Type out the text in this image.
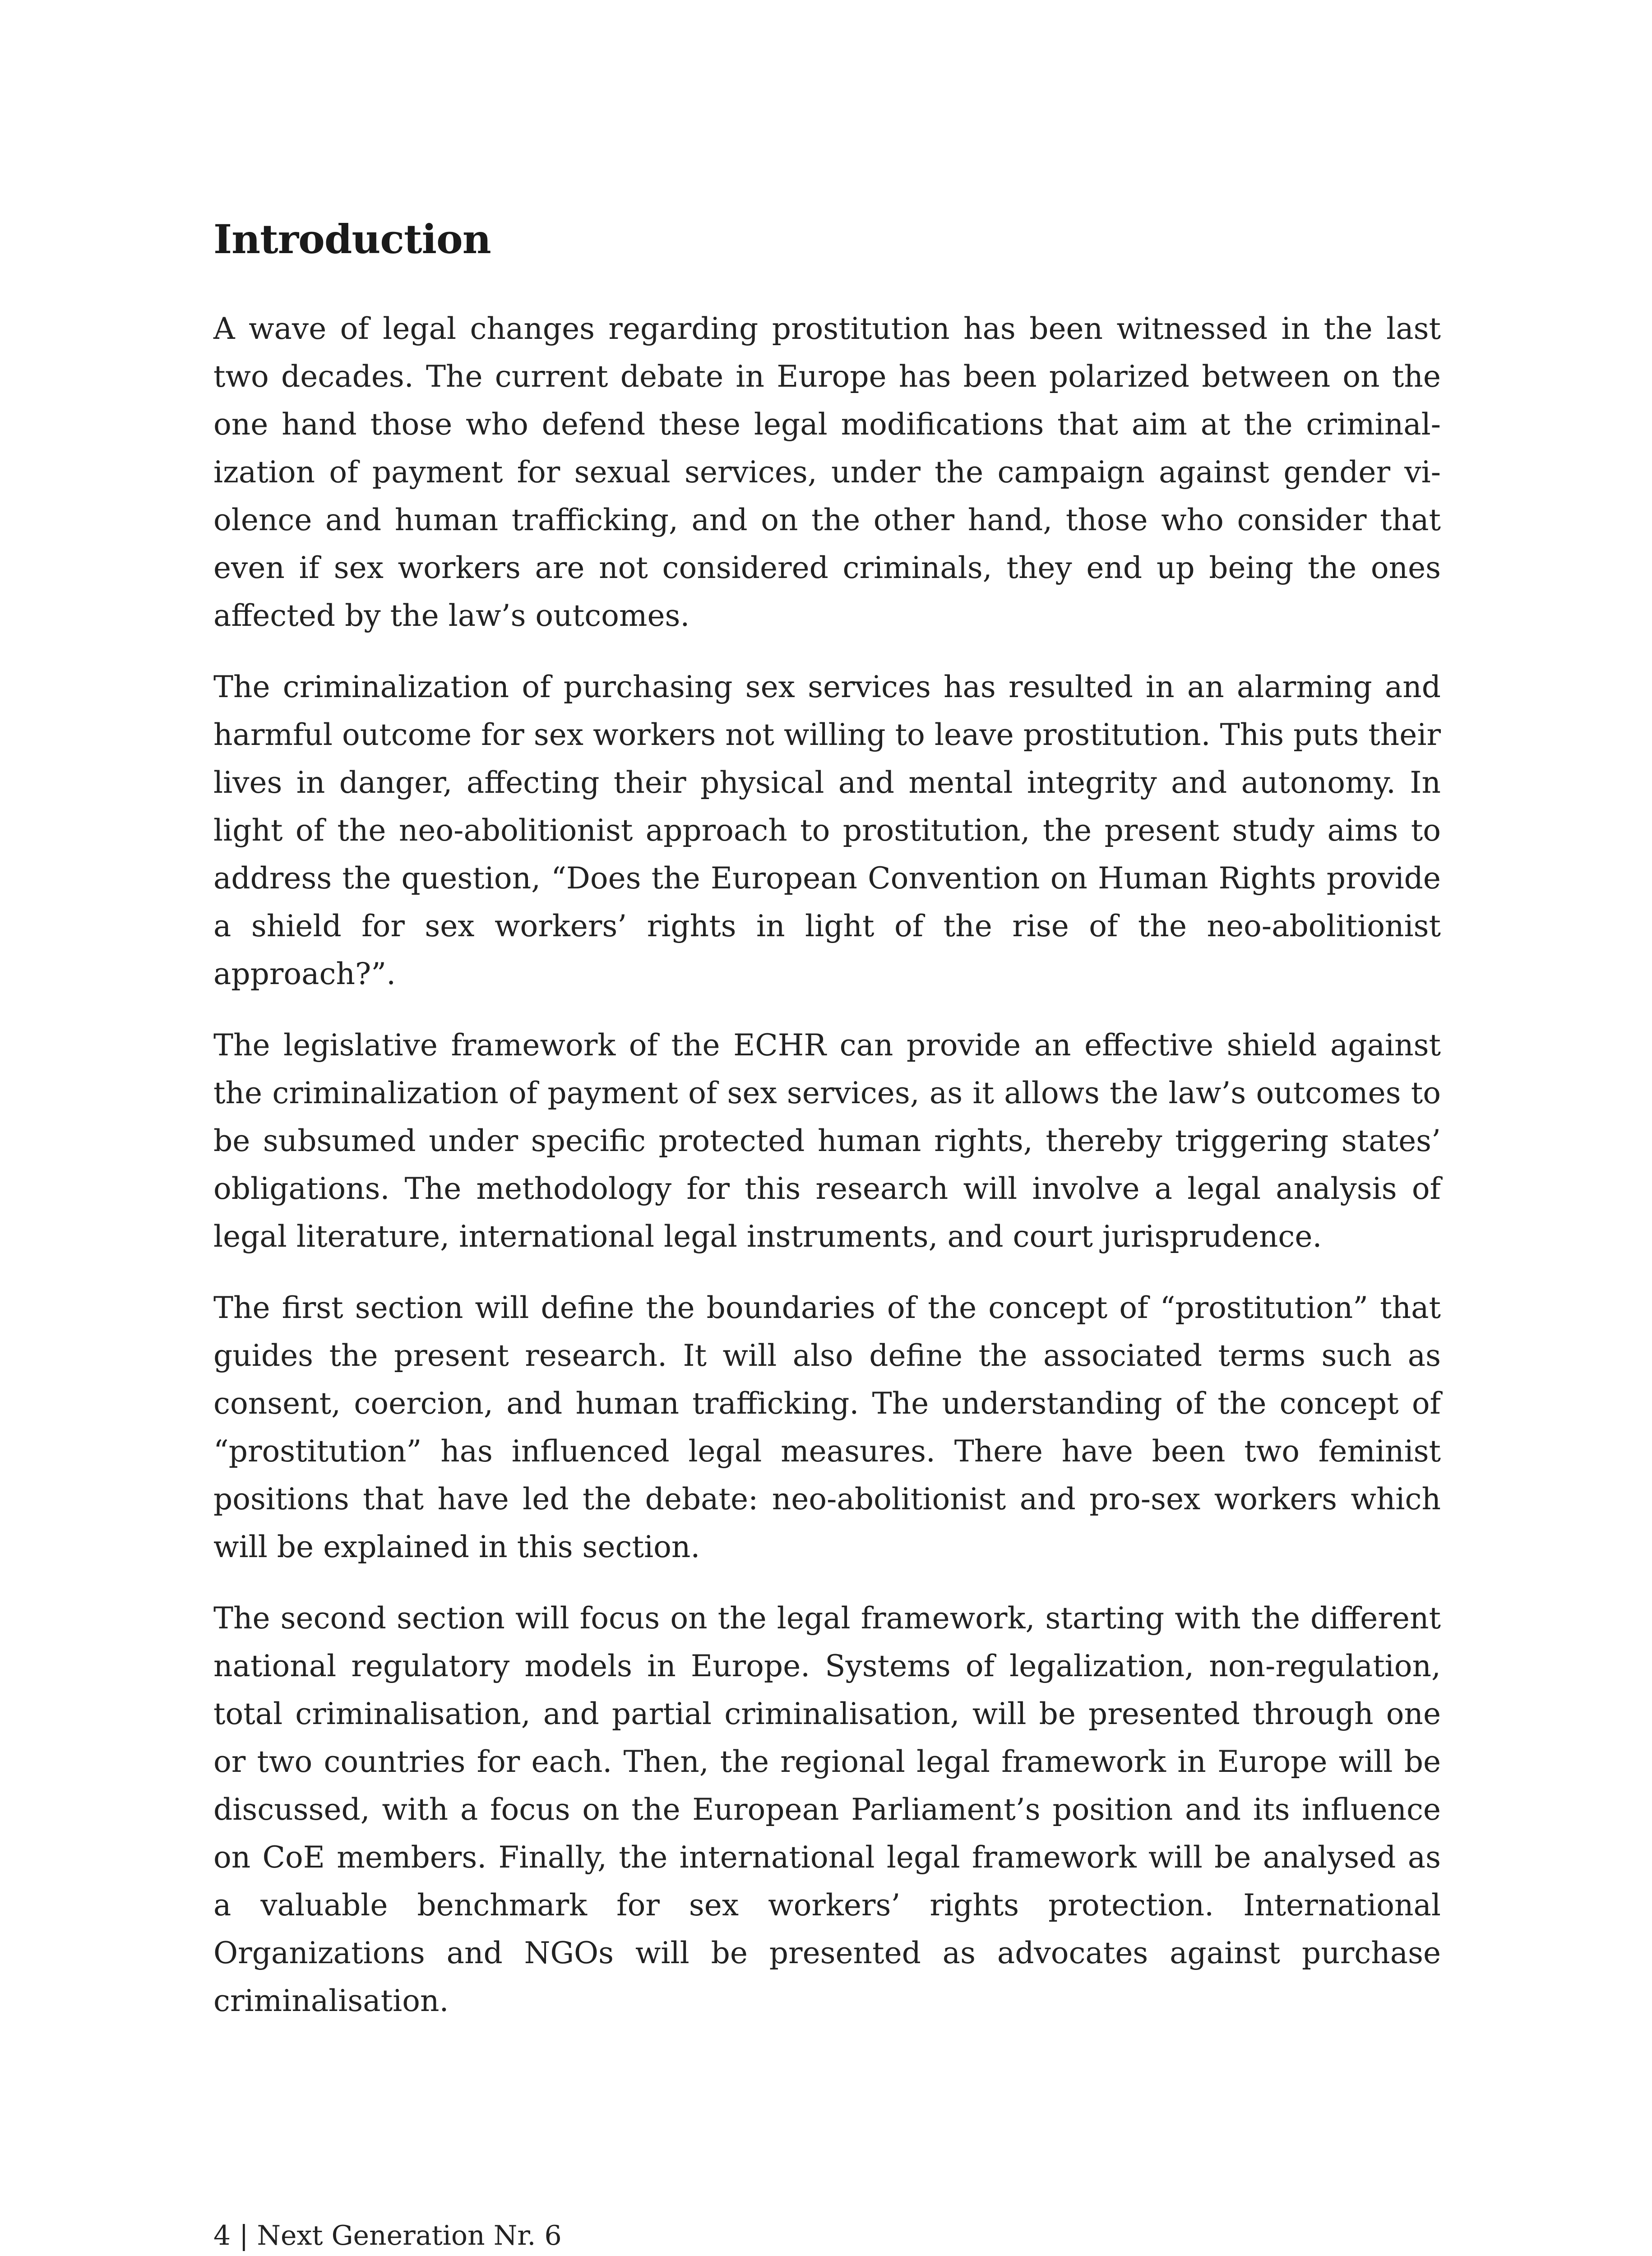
Introduction

A wave of legal changes regarding prostitution has been witnessed in the last two decades. The current debate in Europe has been polarized between on the one hand those who defend these legal modifications that aim at the criminalization of payment for sexual services, under the campaign against gender violence and human trafficking, and on the other hand, those who consider that even if sex workers are not considered criminals, they end up being the ones affected by the law’s outcomes.

The criminalization of purchasing sex services has resulted in an alarming and harmful outcome for sex workers not willing to leave prostitution. This puts their lives in danger, affecting their physical and mental integrity and autonomy. In light of the neo-abolitionist approach to prostitution, the present study aims to address the question, “Does the European Convention on Human Rights provide a shield for sex workers’ rights in light of the rise of the neo-abolitionist approach?”.

The legislative framework of the ECHR can provide an effective shield against the criminalization of payment of sex services, as it allows the law’s outcomes to be subsumed under specific protected human rights, thereby triggering states’ obligations. The methodology for this research will involve a legal analysis of legal literature, international legal instruments, and court jurisprudence.

The first section will define the boundaries of the concept of “prostitution” that guides the present research. It will also define the associated terms such as consent, coercion, and human trafficking. The understanding of the concept of “prostitution” has influenced legal measures. There have been two feminist positions that have led the debate: neo-abolitionist and pro-sex workers which will be explained in this section.

The second section will focus on the legal framework, starting with the different national regulatory models in Europe. Systems of legalization, non-regulation, total criminalisation, and partial criminalisation, will be presented through one or two countries for each. Then, the regional legal framework in Europe will be discussed, with a focus on the European Parliament’s position and its influence on CoE members. Finally, the international legal framework will be analysed as a valuable benchmark for sex workers’ rights protection. International Organizations and NGOs will be presented as advocates against purchase criminalisation.

4 | Next Generation Nr. 6
